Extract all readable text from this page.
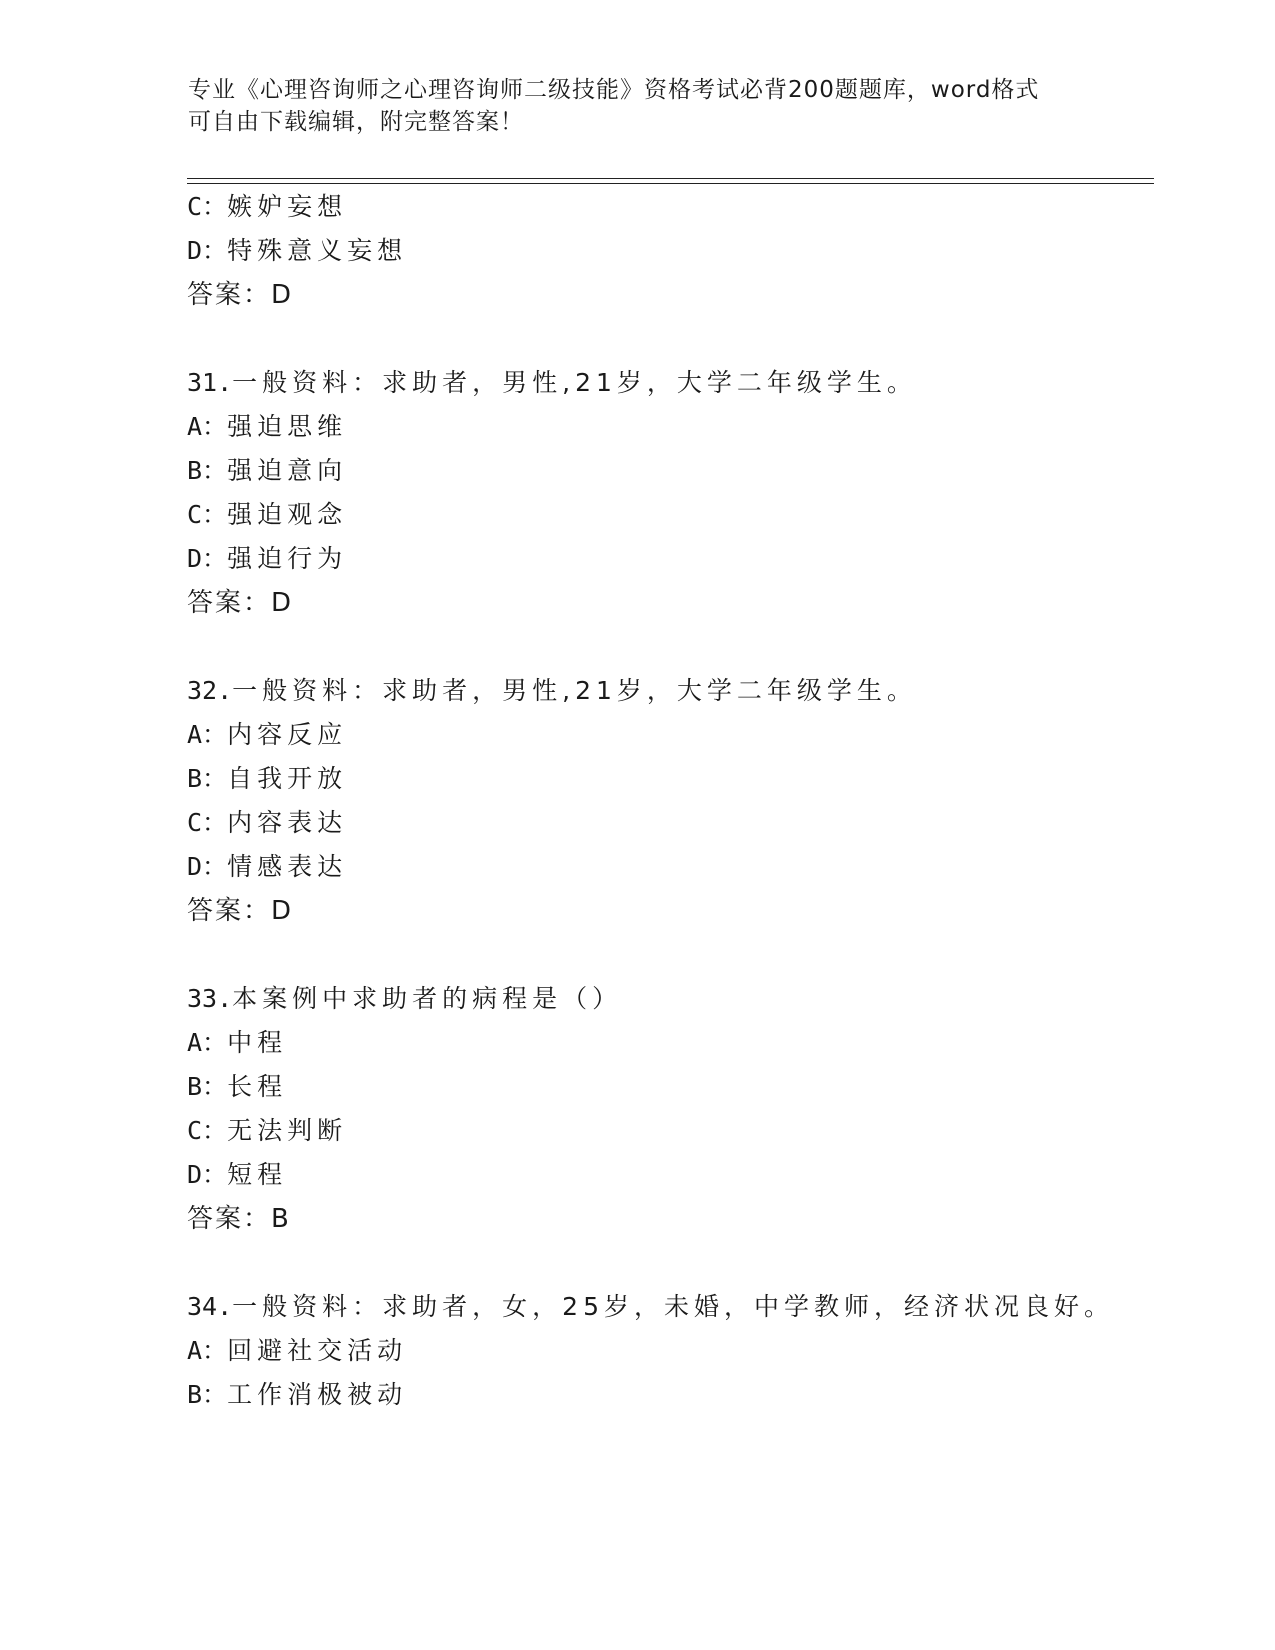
专业《心理咨询师之心理咨询师二级技能》资格考试必背200题题库，word格式
可自由下载编辑，附完整答案！
C：嫉妒妄想
D：特殊意义妄想
答案：D
31.一般资料：求助者，男性,21岁，大学二年级学生。
A：强迫思维
B：强迫意向
C：强迫观念
D：强迫行为
答案：D
32.一般资料：求助者，男性,21岁，大学二年级学生。
A：内容反应
B：自我开放
C：内容表达
D：情感表达
答案：D
33.本案例中求助者的病程是（）
A：中程
B：长程
C：无法判断
D：短程
答案：B
34.一般资料：求助者，女，25岁，未婚，中学教师，经济状况良好。
A：回避社交活动
B：工作消极被动
